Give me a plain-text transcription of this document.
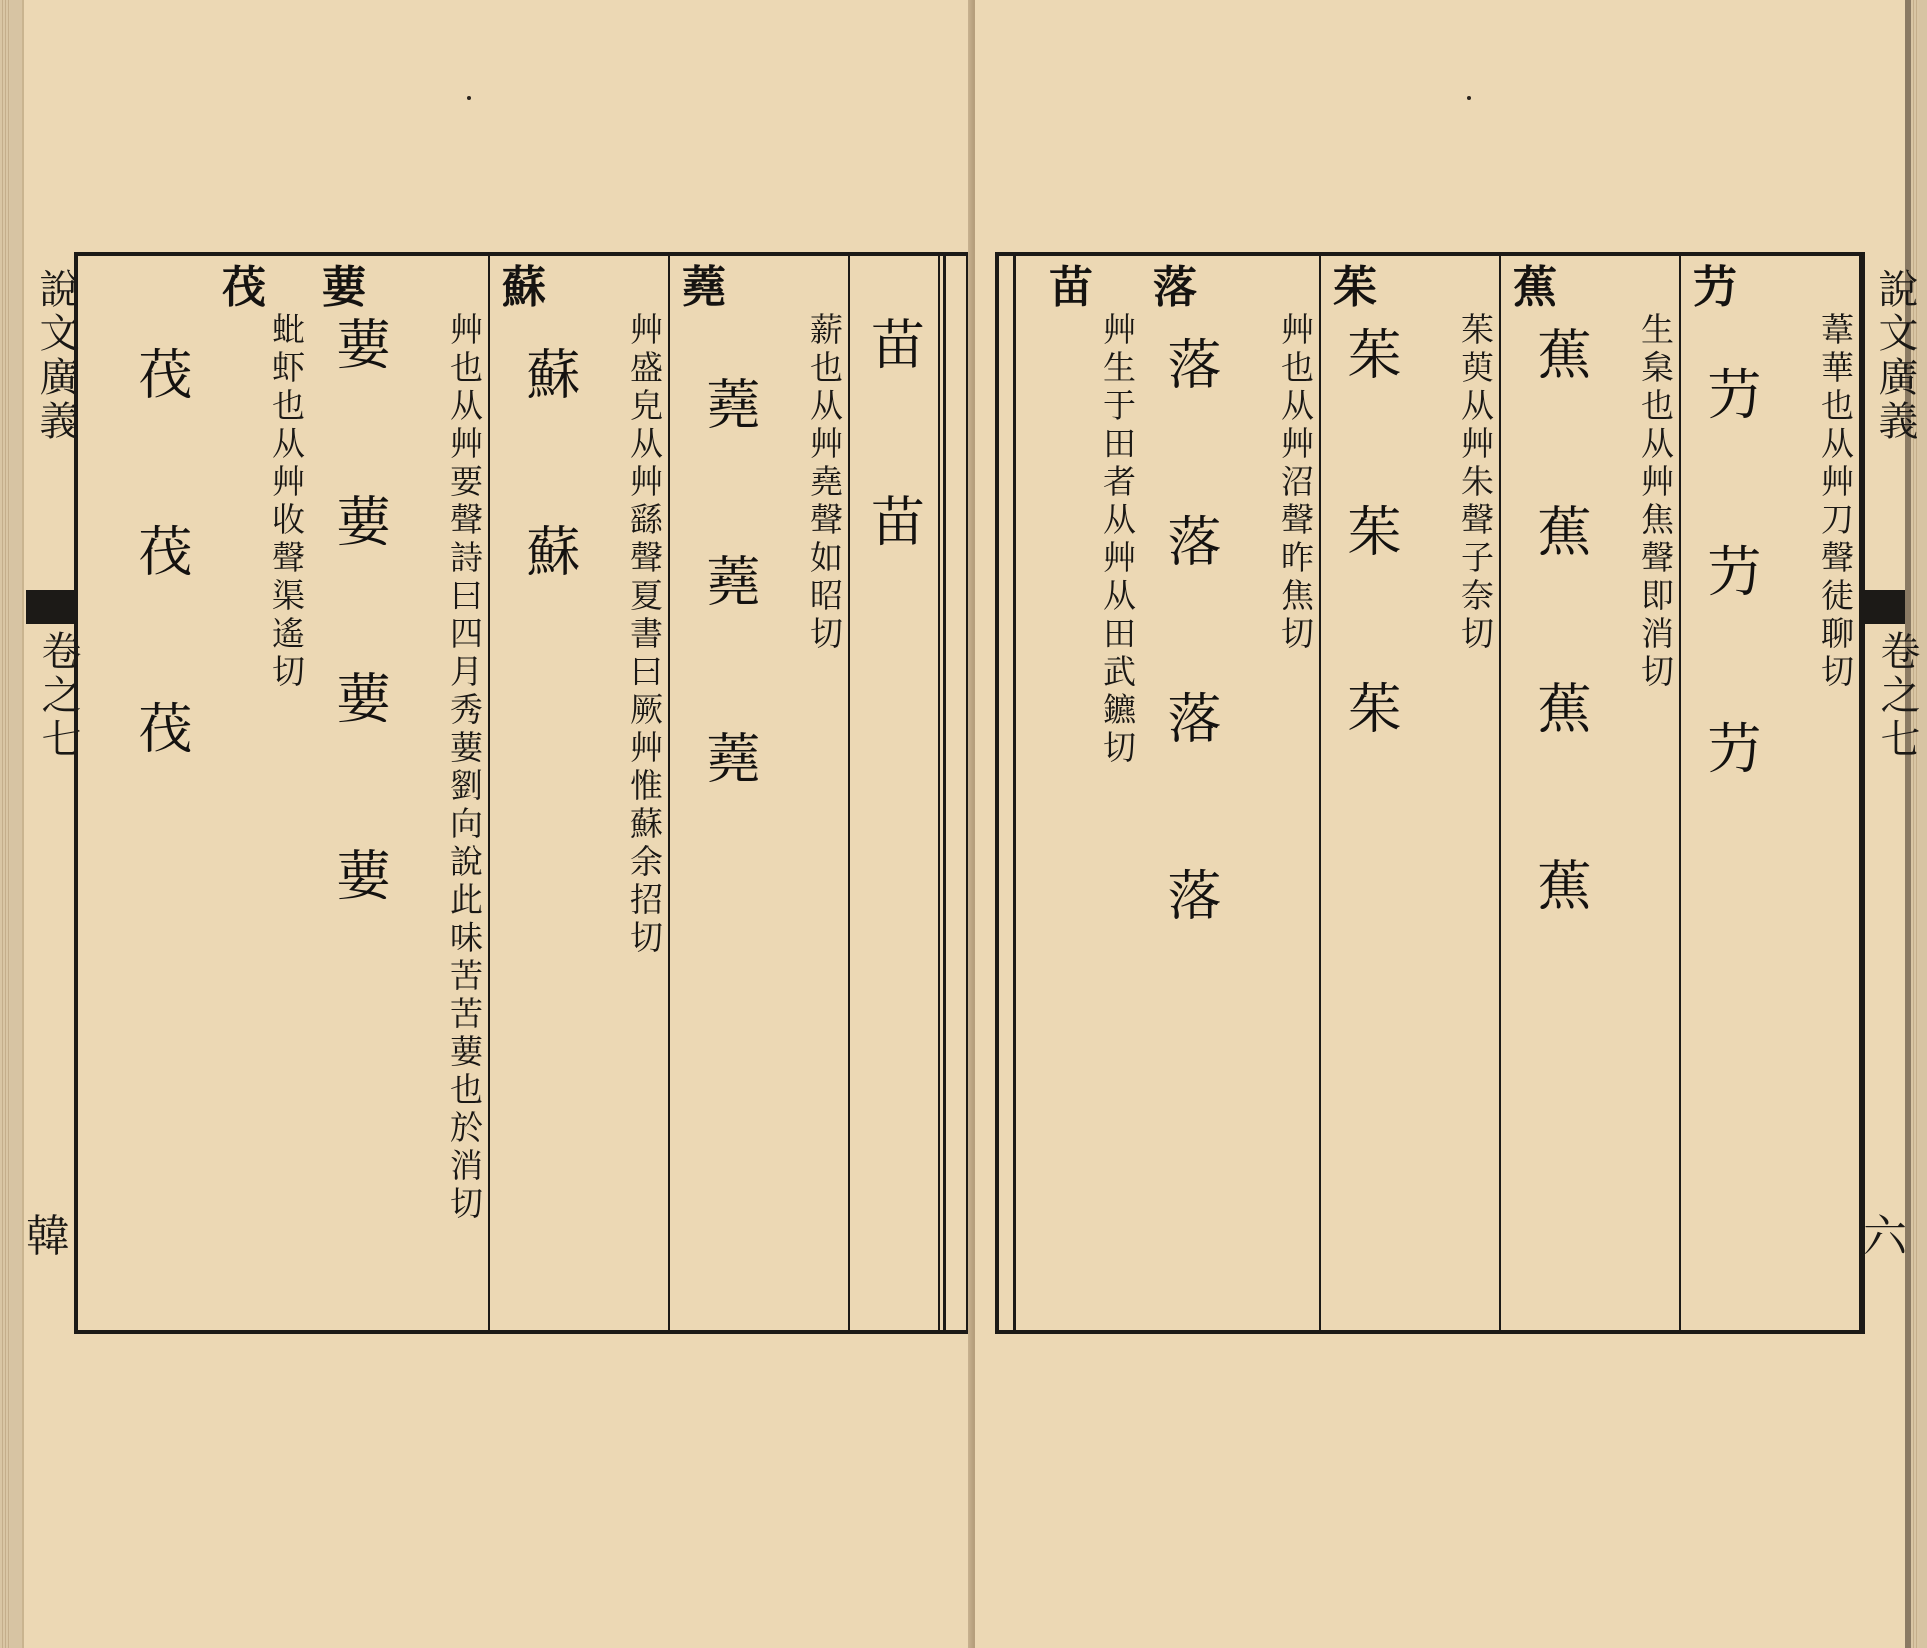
說文廣義
卷之七
韓
苗 苗
蕘
薪也从艸堯聲如昭切
蕘 蕘 蕘
蘇
艸盛皃从艸繇聲夏書曰厥艸惟蘇余招切
蘇 蘇
葽
艸也从艸要聲詩曰四月秀葽劉向說此味苦苦葽也於消切
葽 葽 葽 葽
茷
蚍虾也从艸收聲渠遙切
茷 茷 茷
芀
葦華也从艸刀聲徒聊切
芀 芀 芀
蕉
生枲也从艸焦聲即消切
蕉 蕉 蕉 蕉
茱
茱萸从艸朱聲子奈切
茱 茱 茱
落
艸也从艸沼聲昨焦切
落 落 落 落
苗
艸生于田者从艸从田武鑣切	說文廣義
卷之七
六
